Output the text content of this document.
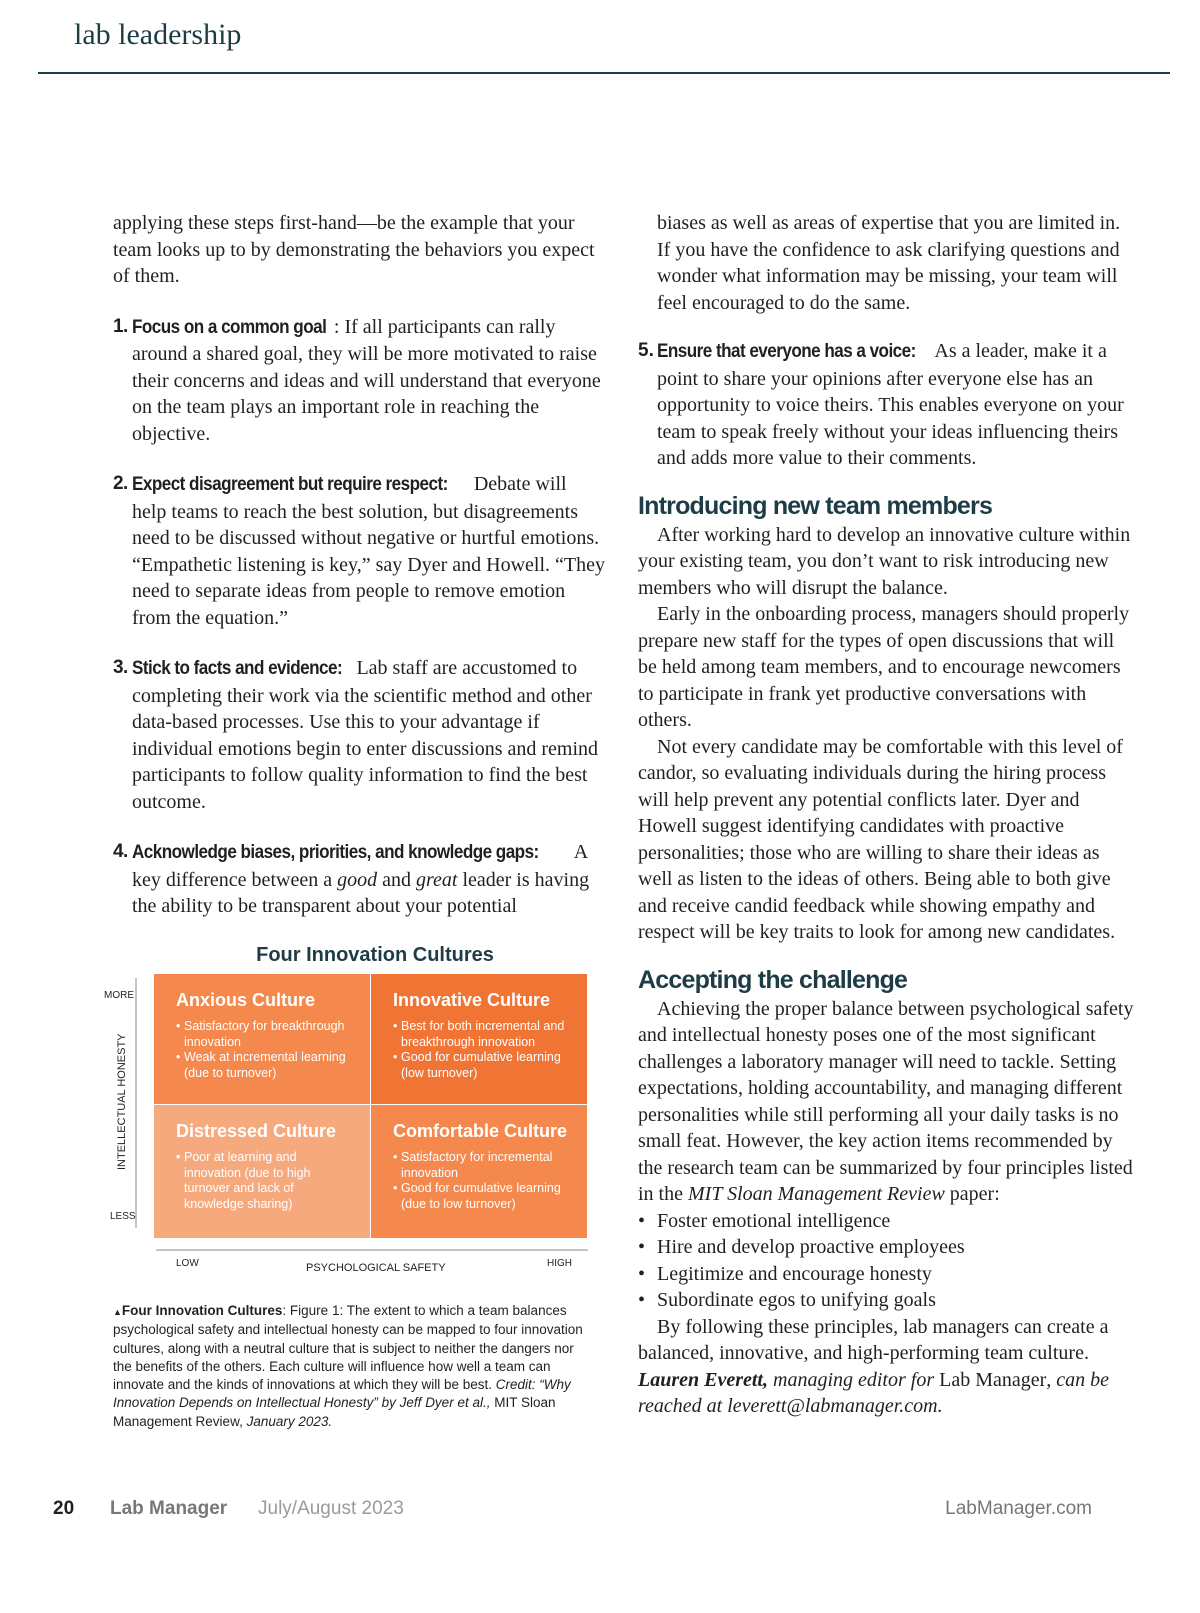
lab leadership

applying these steps first-hand—be the example that your team looks up to by demonstrating the behaviors you expect of them.

1. Focus on a common goal : If all participants can rally around a shared goal, they will be more motivated to raise their concerns and ideas and will understand that everyone on the team plays an important role in reaching the objective.
2. Expect disagreement but require respect: Debate will help teams to reach the best solution, but disagreements need to be discussed without negative or hurtful emotions. “Empathetic listening is key,” say Dyer and Howell. “They need to separate ideas from people to remove emotion from the equation.”
3. Stick to facts and evidence: Lab staff are accustomed to completing their work via the scientific method and other data-based processes. Use this to your advantage if individual emotions begin to enter discussions and remind participants to follow quality information to find the best outcome.
4. Acknowledge biases, priorities, and knowledge gaps: A key difference between a good and great leader is having the ability to be transparent about your potential
Four Innovation Cultures
MORE
LESS
INTELLECTUAL HONESTY
LOW	PSYCHOLOGICAL SAFETY	HIGH
Anxious Culture
• Satisfactory for breakthrough innovation
• Weak at incremental learning (due to turnover)
Innovative Culture
• Best for both incremental and breakthrough innovation
• Good for cumulative learning (low turnover)
Distressed Culture
• Poor at learning and innovation (due to high turnover and lack of knowledge sharing)
Comfortable Culture
• Satisfactory for incremental innovation
• Good for cumulative learning (due to low turnover)
▲Four Innovation Cultures: Figure 1: The extent to which a team balances psychological safety and intellectual honesty can be mapped to four innovation cultures, along with a neutral culture that is subject to neither the dangers nor the benefits of the others. Each culture will influence how well a team can innovate and the kinds of innovations at which they will be best. Credit: “Why Innovation Depends on Intellectual Honesty” by Jeff Dyer et al., MIT Sloan Management Review, January 2023.

biases as well as areas of expertise that you are limited in. If you have the confidence to ask clarifying questions and wonder what information may be missing, your team will feel encouraged to do the same.

5. Ensure that everyone has a voice: As a leader, make it a point to share your opinions after everyone else has an opportunity to voice theirs. This enables everyone on your team to speak freely without your ideas influencing theirs and adds more value to their comments.
Introducing new team members

After working hard to develop an innovative culture within your existing team, you don’t want to risk introducing new members who will disrupt the balance.

Early in the onboarding process, managers should properly prepare new staff for the types of open discussions that will be held among team members, and to encourage newcomers to participate in frank yet productive conversations with others.

Not every candidate may be comfortable with this level of candor, so evaluating individuals during the hiring process will help prevent any potential conflicts later. Dyer and Howell suggest identifying candidates with proactive personalities; those who are willing to share their ideas as well as listen to the ideas of others. Being able to both give and receive candid feedback while showing empathy and respect will be key traits to look for among new candidates.

Accepting the challenge

Achieving the proper balance between psychological safety and intellectual honesty poses one of the most significant challenges a laboratory manager will need to tackle. Setting expectations, holding accountability, and managing different personalities while still performing all your daily tasks is no small feat. However, the key action items recommended by the research team can be summarized by four principles listed in the MIT Sloan Management Review paper:

• Foster emotional intelligence
• Hire and develop proactive employees
• Legitimize and encourage honesty
• Subordinate egos to unifying goals

By following these principles, lab managers can create a balanced, innovative, and high-performing team culture.

Lauren Everett, managing editor for Lab Manager, can be reached at leverett@labmanager.com.

20 Lab Manager July/August 2023	LabManager.com
